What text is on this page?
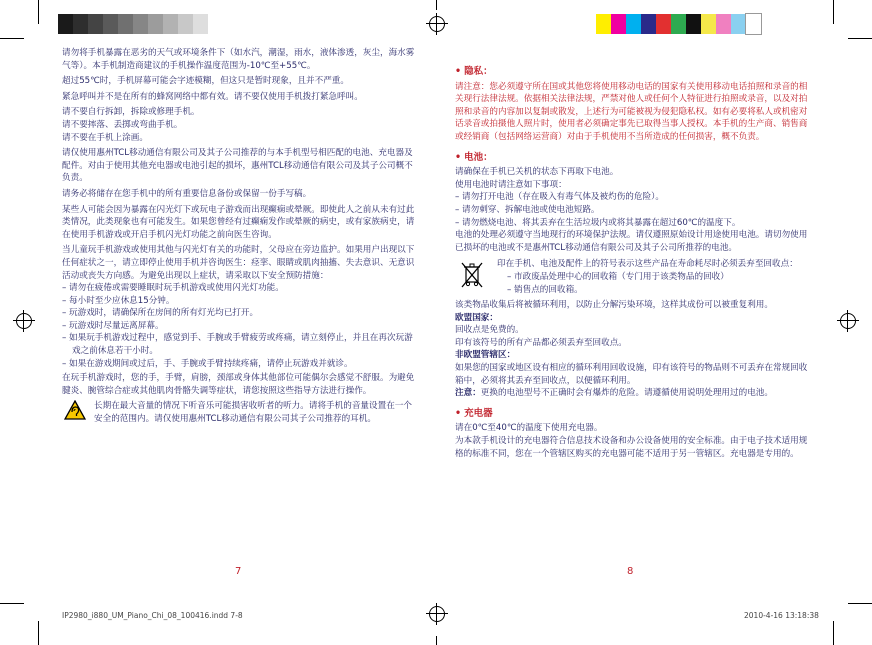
请勿将手机暴露在恶劣的天气或环境条件下（如水汽，潮湿，雨水，液体渗透，灰尘，海水雾气等）。本手机制造商建议的手机操作温度范围为-10℃至+55℃。

超过55℃时，手机屏幕可能会字迹模糊，但这只是暂时现象，且并不严重。

紧急呼叫并不是在所有的蜂窝网络中都有效。请不要仅使用手机拨打紧急呼叫。

请不要自行拆卸，拆除或修理手机。

请不要摔落、丢掷或弯曲手机。

请不要在手机上涂画。

请仅使用惠州TCL移动通信有限公司及其子公司推荐的与本手机型号相匹配的电池、充电器及配件。对由于使用其他充电器或电池引起的损坏，惠州TCL移动通信有限公司及其子公司概不负责。

请务必将储存在您手机中的所有重要信息备份或保留一份手写稿。

某些人可能会因为暴露在闪光灯下或玩电子游戏而出现癫痫或晕厥。即使此人之前从未有过此类情况，此类现象也有可能发生。如果您曾经有过癫痫发作或晕厥的病史，或有家族病史，请在使用手机游戏或开启手机闪光灯功能之前向医生咨询。

当儿童玩手机游戏或使用其他与闪光灯有关的功能时，父母应在旁边监护。如果用户出现以下任何症状之一，请立即停止使用手机并咨询医生：痉挛、眼睛或肌肉抽搐、失去意识、无意识活动或丧失方向感。为避免出现以上症状，请采取以下安全预防措施：

– 请勿在疲倦或需要睡眠时玩手机游戏或使用闪光灯功能。

– 每小时至少应休息15分钟。

– 玩游戏时，请确保所在房间的所有灯光均已打开。

– 玩游戏时尽量远离屏幕。

– 如果玩手机游戏过程中，感觉到手、手腕或手臂疲劳或疼痛，请立刻停止，并且在再次玩游戏之前休息若干小时。

– 如果在游戏期间或过后，手、手腕或手臂持续疼痛，请停止玩游戏并就诊。

在玩手机游戏时，您的手，手臂，肩膀，颈部或身体其他部位可能偶尔会感觉不舒服。为避免腱炎、腕管综合症或其他肌肉骨骼失调等症状，请您按照这些指导方法进行操作。

长期在最大音量的情况下听音乐可能损害收听者的听力。请将手机的音量设置在一个安全的范围内。请仅使用惠州TCL移动通信有限公司其子公司推荐的耳机。
7
• 隐私：

请注意：您必须遵守所在国或其他您将使用移动电话的国家有关使用移动电话拍照和录音的相关现行法律法规。依据相关法律法规，严禁对他人或任何个人特征进行拍照或录音，以及对拍照和录音的内容加以复制或散发，上述行为可能被视为侵犯隐私权。如有必要将私人或机密对话录音或拍摄他人照片时，使用者必须确定事先已取得当事人授权。本手机的生产商、销售商或经销商（包括网络运营商）对由于手机使用不当所造成的任何损害，概不负责。

• 电池：

请确保在手机已关机的状态下再取下电池。

使用电池时请注意如下事项：

– 请勿打开电池（存在吸入有毒气体及被灼伤的危险）。

– 请勿刺穿、拆解电池或使电池短路。

– 请勿燃烧电池、将其丢弃在生活垃圾内或将其暴露在超过60℃的温度下。

电池的处理必须遵守当地现行的环境保护法规。请仅遵照原始设计用途使用电池。请切勿使用已损坏的电池或不是惠州TCL移动通信有限公司及其子公司所推荐的电池。

印在手机、电池及配件上的符号表示这些产品在寿命耗尽时必须丢弃至回收点：

– 市政废品处理中心的回收箱（专门用于该类物品的回收）

– 销售点的回收箱。

该类物品收集后将被循环利用，以防止分解污染环境，这样其成份可以被重复利用。

欧盟国家：

回收点是免费的。

印有该符号的所有产品都必须丢弃至回收点。

非欧盟管辖区：

如果您的国家或地区设有相应的循环利用回收设施，印有该符号的物品则不可丢弃在常规回收箱中，必须将其丢弃至回收点，以便循环利用。

注意：更换的电池型号不正确时会有爆炸的危险。请遵循使用说明处理用过的电池。

• 充电器

请在0℃至40℃的温度下使用充电器。

为本款手机设计的充电器符合信息技术设备和办公设备使用的安全标准。由于电子技术适用规格的标准不同，您在一个管辖区购买的充电器可能不适用于另一管辖区。充电器是专用的。

8
IP2980_i880_UM_Piano_Chi_08_100416.indd 7-8	2010-4-16 13:18:38
